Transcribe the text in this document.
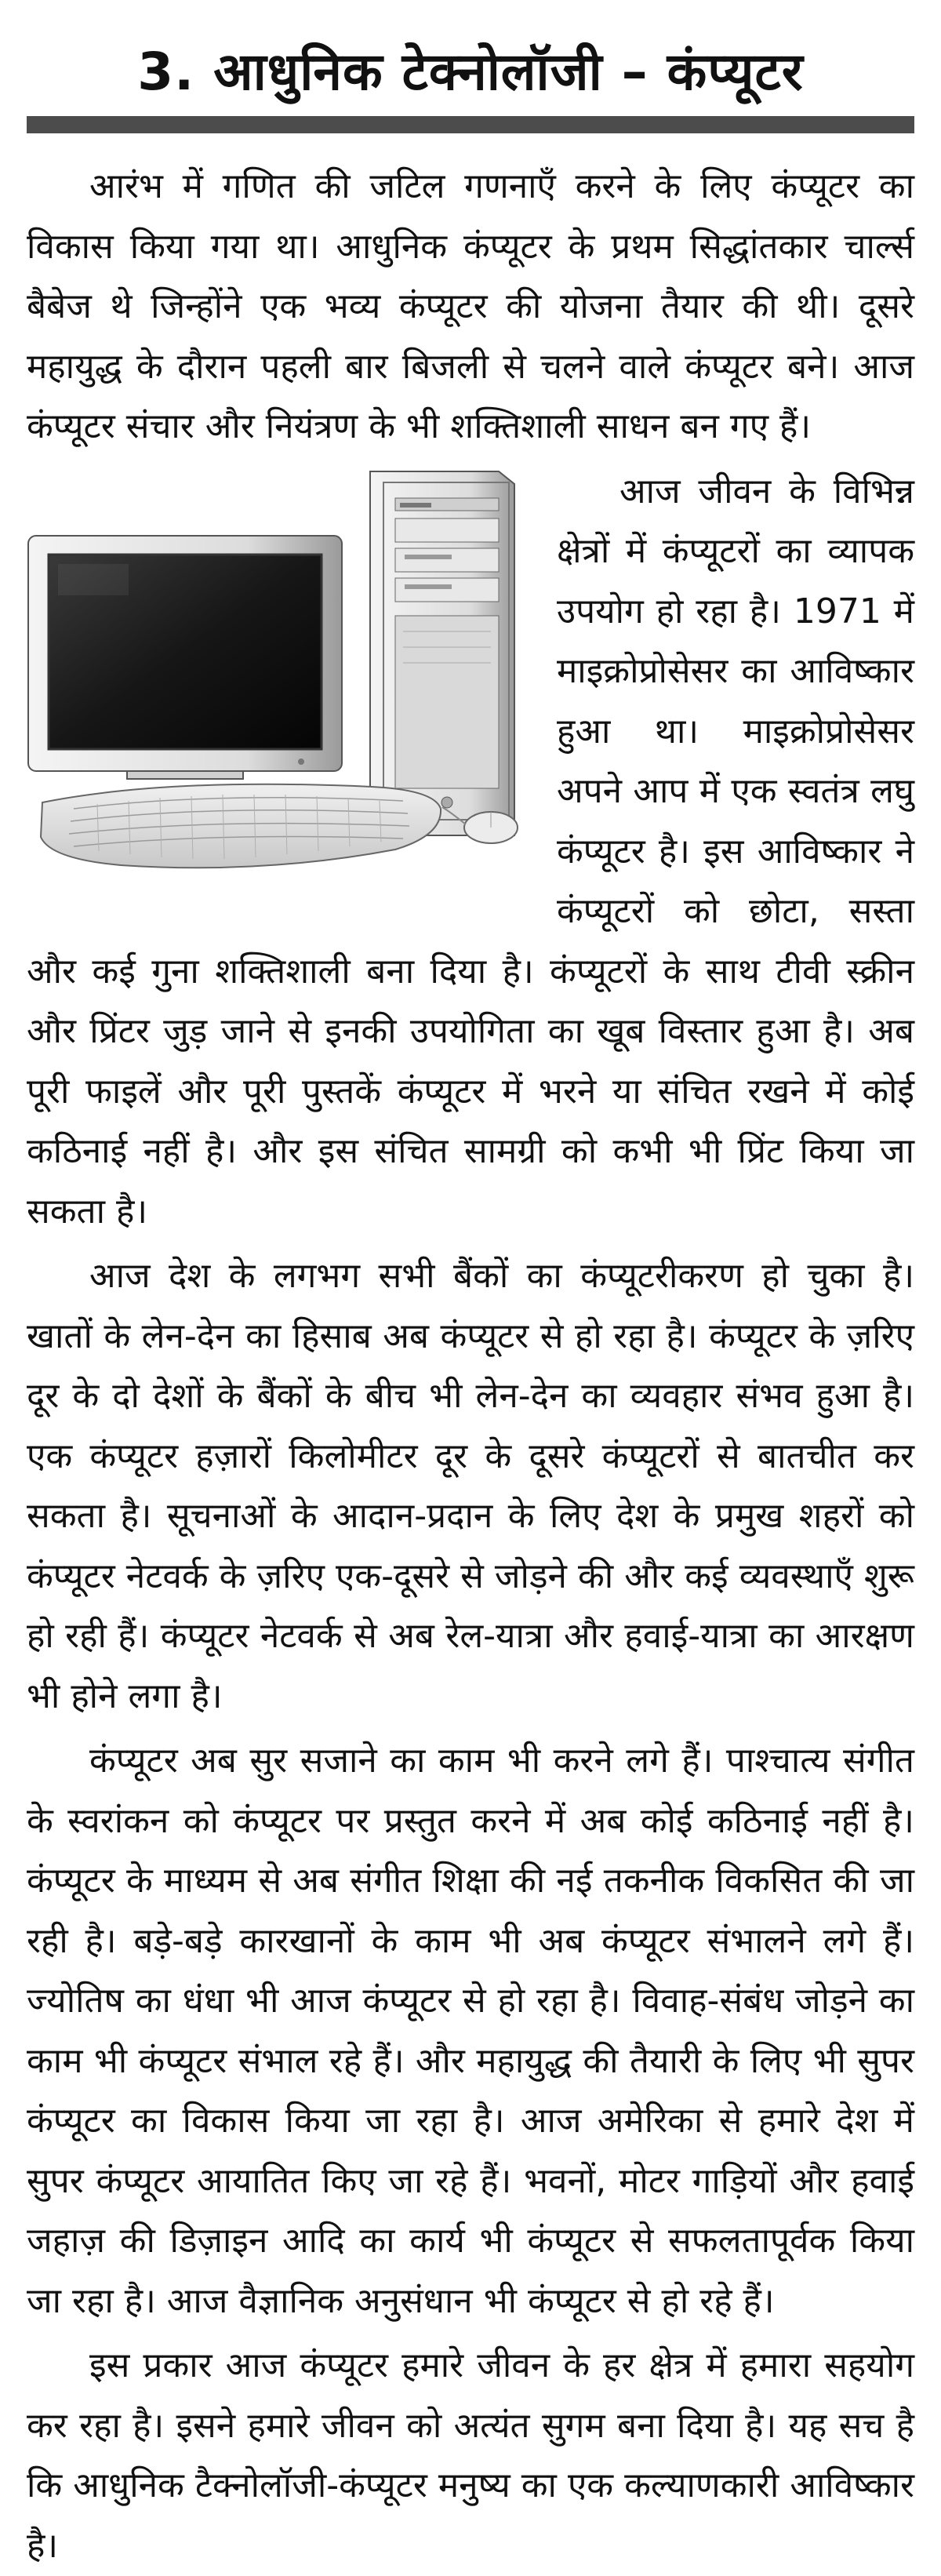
3. आधुनिक टेक्नोलॉजी – कंप्यूटर

आरंभ में गणित की जटिल गणनाएँ करने के लिए कंप्यूटर का विकास किया गया था। आधुनिक कंप्यूटर के प्रथम सिद्धांतकार चार्ल्स बैबेज थे जिन्होंने एक भव्य कंप्यूटर की योजना तैयार की थी। दूसरे महायुद्ध के दौरान पहली बार बिजली से चलने वाले कंप्यूटर बने। आज कंप्यूटर संचार और नियंत्रण के भी शक्तिशाली साधन बन गए हैं।

आज जीवन के विभिन्न क्षेत्रों में कंप्यूटरों का व्यापक उपयोग हो रहा है। 1971 में माइक्रोप्रोसेसर का आविष्कार हुआ था। माइक्रोप्रोसेसर अपने आप में एक स्वतंत्र लघु कंप्यूटर है। इस आविष्कार ने कंप्यूटरों को छोटा, सस्ता और कई गुना शक्तिशाली बना दिया है। कंप्यूटरों के साथ टीवी स्क्रीन और प्रिंटर जुड़ जाने से इनकी उपयोगिता का खूब विस्तार हुआ है। अब पूरी फाइलें और पूरी पुस्तकें कंप्यूटर में भरने या संचित रखने में कोई कठिनाई नहीं है। और इस संचित सामग्री को कभी भी प्रिंट किया जा सकता है।

आज देश के लगभग सभी बैंकों का कंप्यूटरीकरण हो चुका है। खातों के लेन-देन का हिसाब अब कंप्यूटर से हो रहा है। कंप्यूटर के ज़रिए दूर के दो देशों के बैंकों के बीच भी लेन-देन का व्यवहार संभव हुआ है। एक कंप्यूटर हज़ारों किलोमीटर दूर के दूसरे कंप्यूटरों से बातचीत कर सकता है। सूचनाओं के आदान-प्रदान के लिए देश के प्रमुख शहरों को कंप्यूटर नेटवर्क के ज़रिए एक-दूसरे से जोड़ने की और कई व्यवस्थाएँ शुरू हो रही हैं। कंप्यूटर नेटवर्क से अब रेल-यात्रा और हवाई-यात्रा का आरक्षण भी होने लगा है।

कंप्यूटर अब सुर सजाने का काम भी करने लगे हैं। पाश्चात्य संगीत के स्वरांकन को कंप्यूटर पर प्रस्तुत करने में अब कोई कठिनाई नहीं है। कंप्यूटर के माध्यम से अब संगीत शिक्षा की नई तकनीक विकसित की जा रही है। बड़े-बड़े कारखानों के काम भी अब कंप्यूटर संभालने लगे हैं। ज्योतिष का धंधा भी आज कंप्यूटर से हो रहा है। विवाह-संबंध जोड़ने का काम भी कंप्यूटर संभाल रहे हैं। और महायुद्ध की तैयारी के लिए भी सुपर कंप्यूटर का विकास किया जा रहा है। आज अमेरिका से हमारे देश में सुपर कंप्यूटर आयातित किए जा रहे हैं। भवनों, मोटर गाड़ियों और हवाई जहाज़ की डिज़ाइन आदि का कार्य भी कंप्यूटर से सफलतापूर्वक किया जा रहा है। आज वैज्ञानिक अनुसंधान भी कंप्यूटर से हो रहे हैं।

इस प्रकार आज कंप्यूटर हमारे जीवन के हर क्षेत्र में हमारा सहयोग कर रहा है। इसने हमारे जीवन को अत्यंत सुगम बना दिया है। यह सच है कि आधुनिक टैक्नोलॉजी-कंप्यूटर मनुष्य का एक कल्याणकारी आविष्कार है।
